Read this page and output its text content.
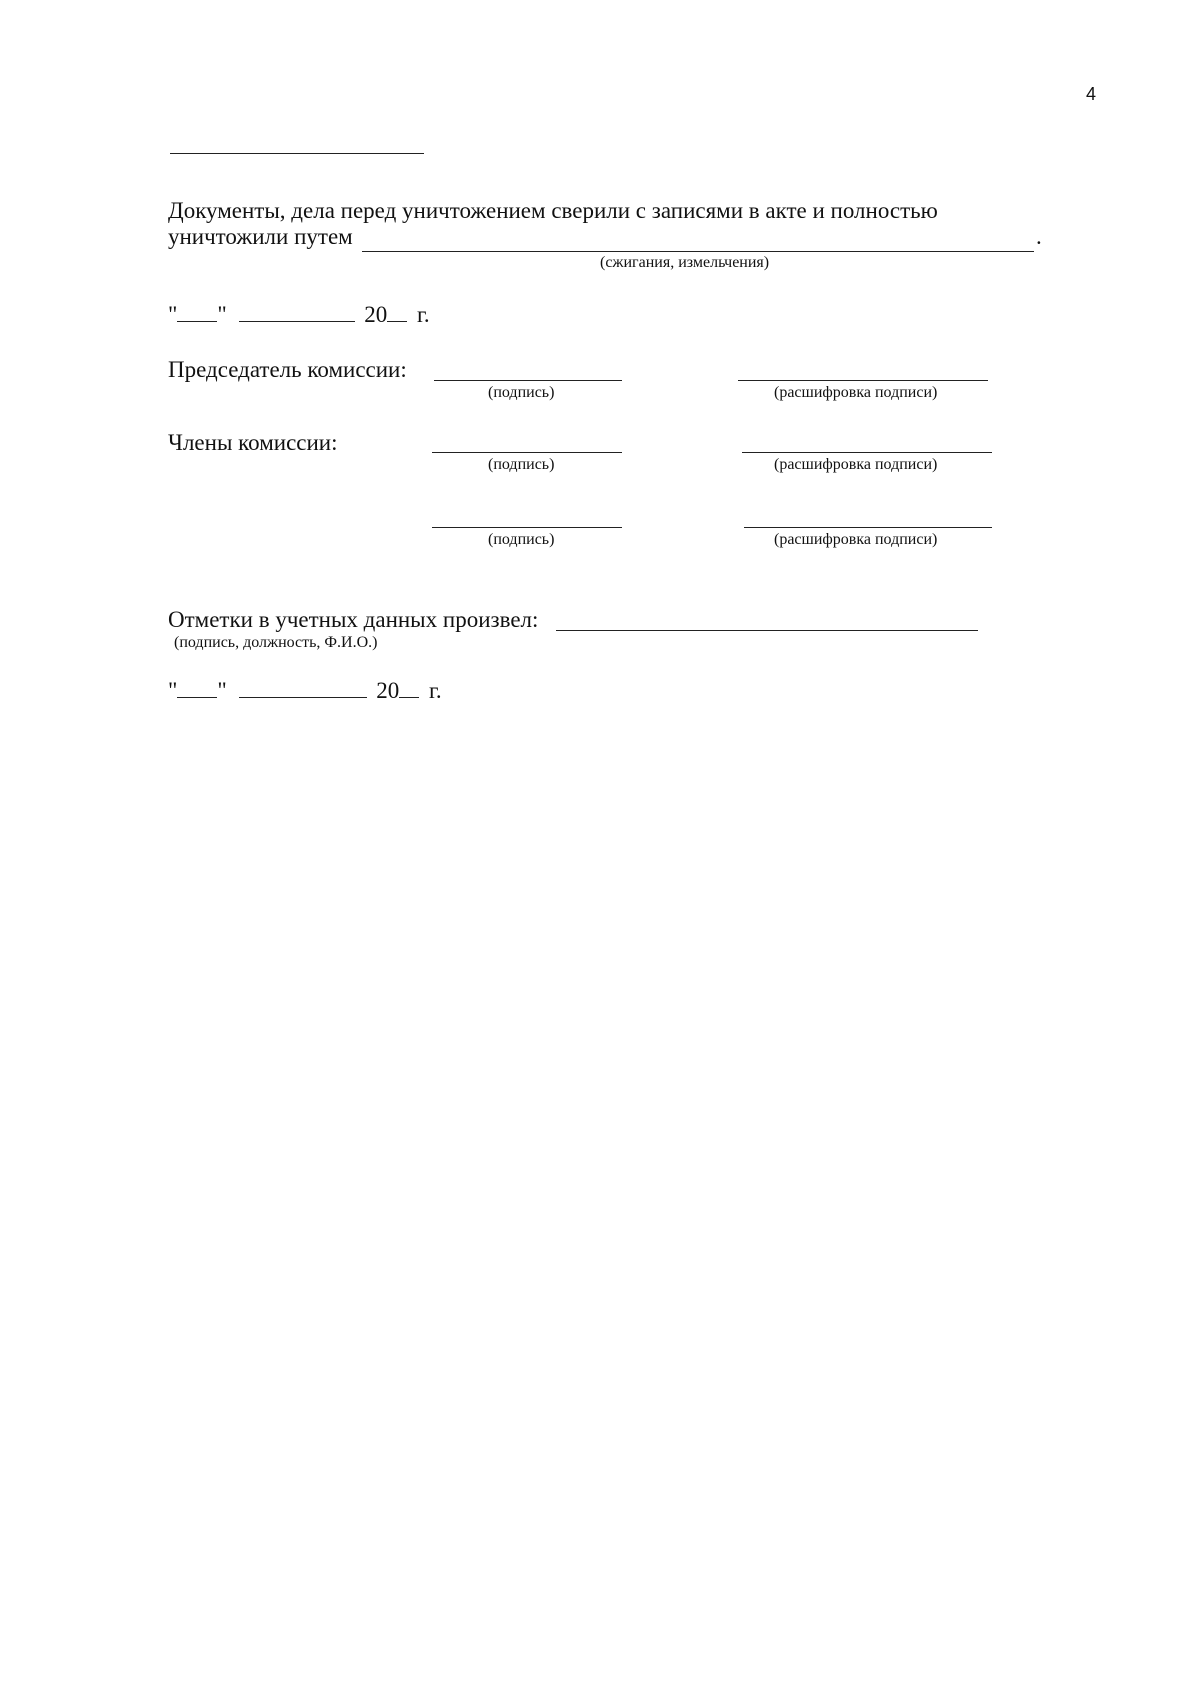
4
Документы, дела перед уничтожением сверили с записями в акте и полностью
уничтожили путем	.
(сжигания, измельчения)
" "	20 г.
Председатель комиссии:
(подпись)	(расшифровка подписи)
Члены комиссии:
(подпись)	(расшифровка подписи)
(подпись)	(расшифровка подписи)
Отметки в учетных данных произвел:
(подпись, должность, Ф.И.О.)
" "	20 г.
